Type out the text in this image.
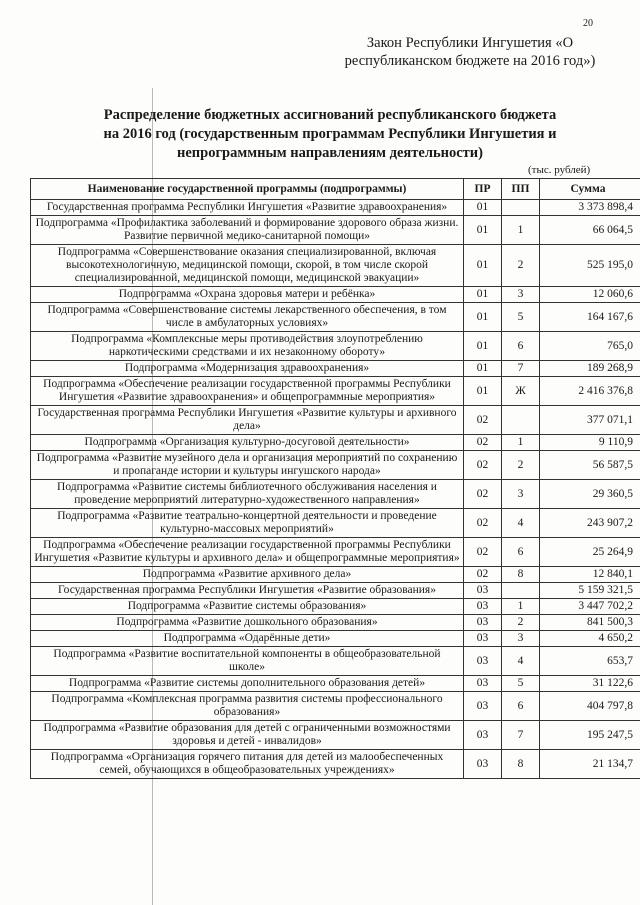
20
Закон Республики Ингушетия «О
республиканском бюджете на 2016 год»)
Распределение бюджетных ассигнований республиканского бюджета
на 2016 год (государственным программам Республики Ингушетия и
непрограммным направлениям деятельности)
(тыс. рублей)
Наименование государственной программы (подпрограммы)	ПР	ПП	Сумма
Государственная программа Республики Ингушетия «Развитие здравоохранения»	01		3 373 898,4
Подпрограмма «Профилактика заболеваний и формирование здорового образа жизни. Развитие первичной медико-санитарной помощи»	01	1	66 064,5
Подпрограмма «Совершенствование оказания специализированной, включая высокотехнологичную, медицинской помощи, скорой, в том числе скорой специализированной, медицинской помощи, медицинской эвакуации»	01	2	525 195,0
Подпрограмма «Охрана здоровья матери и ребёнка»	01	3	12 060,6
Подпрограмма «Совершенствование системы лекарственного обеспечения, в том числе в амбулаторных условиях»	01	5	164 167,6
Подпрограмма «Комплексные меры противодействия злоупотреблению наркотическими средствами и их незаконному обороту»	01	6	765,0
Подпрограмма «Модернизация здравоохранения»	01	7	189 268,9
Подпрограмма «Обеспечение реализации государственной программы Республики Ингушетия «Развитие здравоохранения» и общепрограммные мероприятия»	01	Ж	2 416 376,8
Государственная программа Республики Ингушетия «Развитие культуры и архивного дела»	02		377 071,1
Подпрограмма «Организация культурно-досуговой деятельности»	02	1	9 110,9
Подпрограмма «Развитие музейного дела и организация мероприятий по сохранению и пропаганде истории и культуры ингушского народа»	02	2	56 587,5
Подпрограмма «Развитие системы библиотечного обслуживания населения и проведение мероприятий литературно-художественного направления»	02	3	29 360,5
Подпрограмма «Развитие театрально-концертной деятельности и проведение культурно-массовых мероприятий»	02	4	243 907,2
Подпрограмма «Обеспечение реализации государственной программы Республики Ингушетия «Развитие культуры и архивного дела» и общепрограммные мероприятия»	02	6	25 264,9
Подпрограмма «Развитие архивного дела»	02	8	12 840,1
Государственная программа Республики Ингушетия «Развитие образования»	03		5 159 321,5
Подпрограмма «Развитие системы образования»	03	1	3 447 702,2
Подпрограмма «Развитие дошкольного образования»	03	2	841 500,3
Подпрограмма «Одарённые дети»	03	3	4 650,2
Подпрограмма «Развитие воспитательной компоненты в общеобразовательной школе»	03	4	653,7
Подпрограмма «Развитие системы дополнительного образования детей»	03	5	31 122,6
Подпрограмма «Комплексная программа развития системы профессионального образования»	03	6	404 797,8
Подпрограмма «Развитие образования для детей с ограниченными возможностями здоровья и детей - инвалидов»	03	7	195 247,5
Подпрограмма «Организация горячего питания для детей из малообеспеченных семей, обучающихся в общеобразовательных учреждениях»	03	8	21 134,7
